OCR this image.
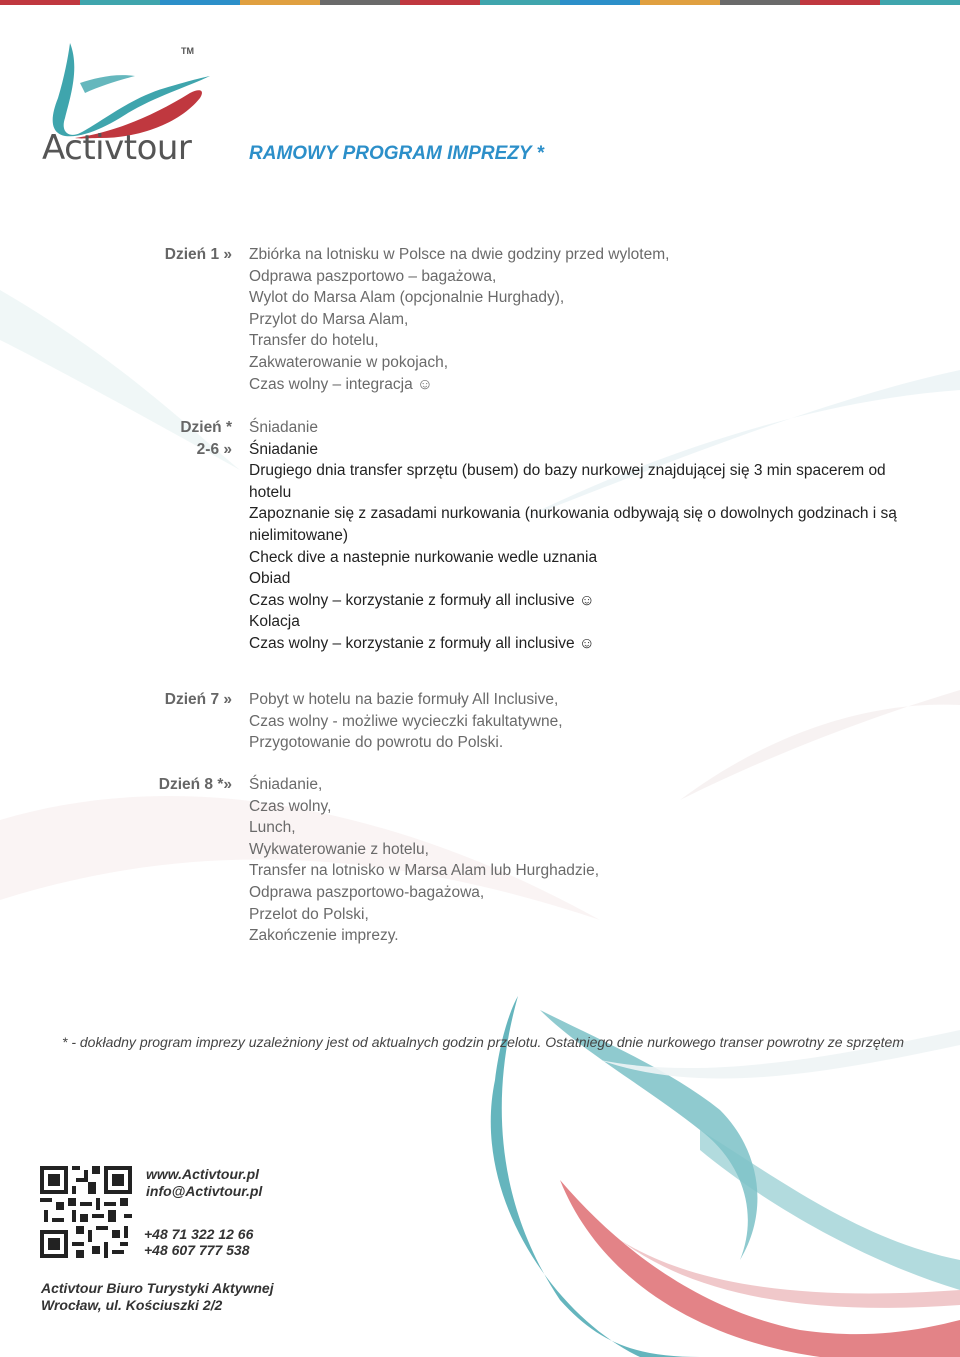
Activtour
TM
RAMOWY PROGRAM IMPREZY *
Dzień 1 » Zbiórka na lotnisku w Polsce na dwie godziny przed wylotem,
Odprawa paszportowo – bagażowa,
Wylot do Marsa Alam (opcjonalnie Hurghady),
Przylot do Marsa Alam,
Transfer do hotelu,
Zakwaterowanie w pokojach,
Czas wolny – integracja ☺
Dzień *
2-6 »
Śniadanie
Śniadanie
Drugiego dnia transfer sprzętu (busem) do bazy nurkowej znajdującej się 3 min spacerem od hotelu
Zapoznanie się z zasadami nurkowania (nurkowania odbywają się o dowolnych godzinach i są nielimitowane)
Check dive a nastepnie nurkowanie wedle uznania
Obiad
Czas wolny – korzystanie z formuły all inclusive ☺
Kolacja
Czas wolny – korzystanie z formuły all inclusive ☺
Dzień 7 » Pobyt w hotelu na bazie formuły All Inclusive,
Czas wolny - możliwe wycieczki fakultatywne,
Przygotowanie do powrotu do Polski.
Dzień 8 *» Śniadanie,
Czas wolny,
Lunch,
Wykwaterowanie z hotelu,
Transfer na lotnisko w Marsa Alam lub Hurghadzie,
Odprawa paszportowo-bagażowa,
Przelot do Polski,
Zakończenie imprezy.
* - dokładny program imprezy uzależniony jest od aktualnych godzin przelotu. Ostatniego dnie nurkowego transer powrotny ze sprzętem
www.Activtour.pl
info@Activtour.pl
+48 71 322 12 66
+48 607 777 538
Activtour Biuro Turystyki Aktywnej
Wrocław, ul. Kościuszki 2/2
